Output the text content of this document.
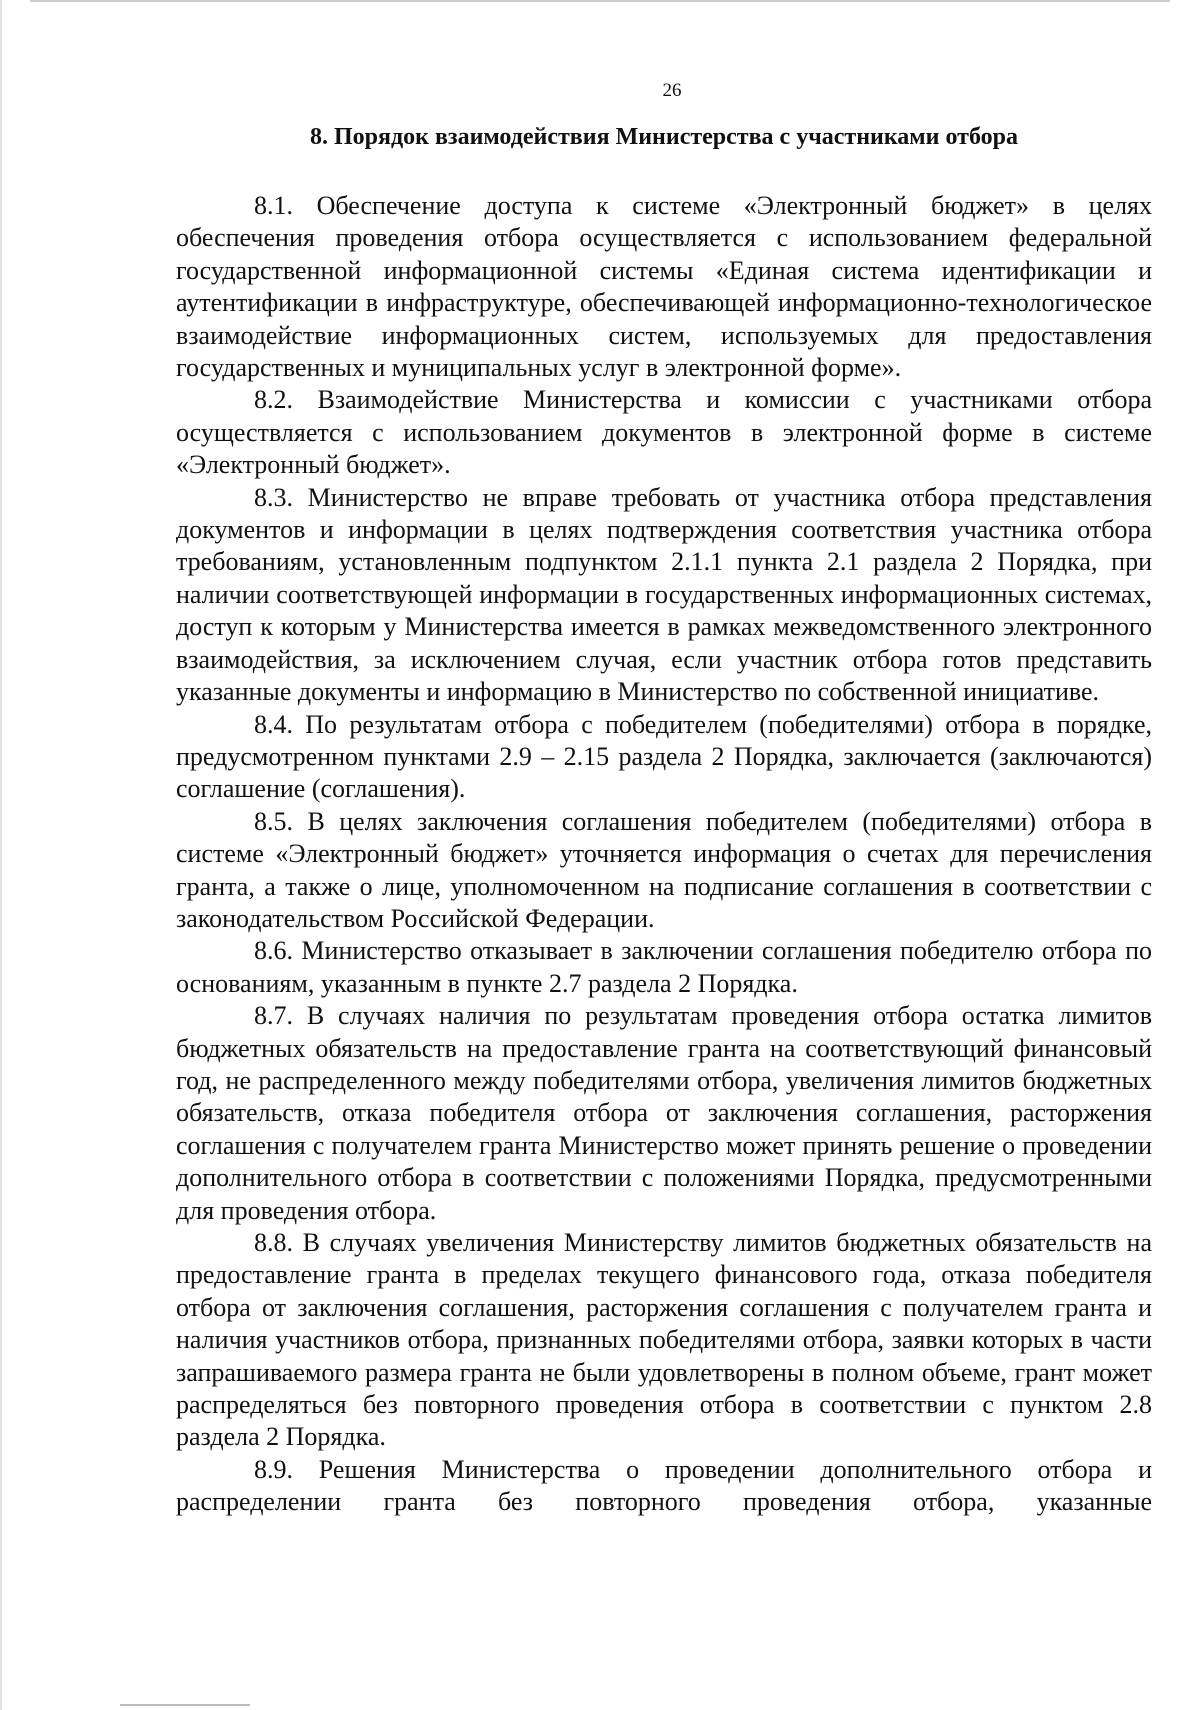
26
8. Порядок взаимодействия Министерства с участниками отбора

8.1. Обеспечение доступа к системе «Электронный бюджет» в целях обеспечения проведения отбора осуществляется с использованием федеральной государственной информационной системы «Единая система идентификации и аутентификации в инфраструктуре, обеспечивающей информационно-технологическое взаимодействие информационных систем, используемых для предоставления государственных и муниципальных услуг в электронной форме».

8.2. Взаимодействие Министерства и комиссии с участниками отбора осуществляется с использованием документов в электронной форме в системе «Электронный бюджет».

8.3. Министерство не вправе требовать от участника отбора представления документов и информации в целях подтверждения соответствия участника отбора требованиям, установленным подпунктом 2.1.1 пункта 2.1 раздела 2 Порядка, при наличии соответствующей информации в государственных информационных системах, доступ к которым у Министерства имеется в рамках межведомственного электронного взаимодействия, за исключением случая, если участник отбора готов представить указанные документы и информацию в Министерство по собственной инициативе.

8.4. По результатам отбора с победителем (победителями) отбора в порядке, предусмотренном пунктами 2.9 – 2.15 раздела 2 Порядка, заключается (заключаются) соглашение (соглашения).

8.5. В целях заключения соглашения победителем (победителями) отбора в системе «Электронный бюджет» уточняется информация о счетах для перечисления гранта, а также о лице, уполномоченном на подписание соглашения в соответствии с законодательством Российской Федерации.

8.6. Министерство отказывает в заключении соглашения победителю отбора по основаниям, указанным в пункте 2.7 раздела 2 Порядка.

8.7. В случаях наличия по результатам проведения отбора остатка лимитов бюджетных обязательств на предоставление гранта на соответствующий финансовый год, не распределенного между победителями отбора, увеличения лимитов бюджетных обязательств, отказа победителя отбора от заключения соглашения, расторжения соглашения с получателем гранта Министерство может принять решение о проведении дополнительного отбора в соответствии с положениями Порядка, предусмотренными для проведения отбора.

8.8. В случаях увеличения Министерству лимитов бюджетных обязательств на предоставление гранта в пределах текущего финансового года, отказа победителя отбора от заключения соглашения, расторжения соглашения с получателем гранта и наличия участников отбора, признанных победителями отбора, заявки которых в части запрашиваемого размера гранта не были удовлетворены в полном объеме, грант может распределяться без повторного проведения отбора в соответствии с пунктом 2.8 раздела 2 Порядка.

8.9. Решения Министерства о проведении дополнительного отбора и распределении гранта без повторного проведения отбора, указанные
